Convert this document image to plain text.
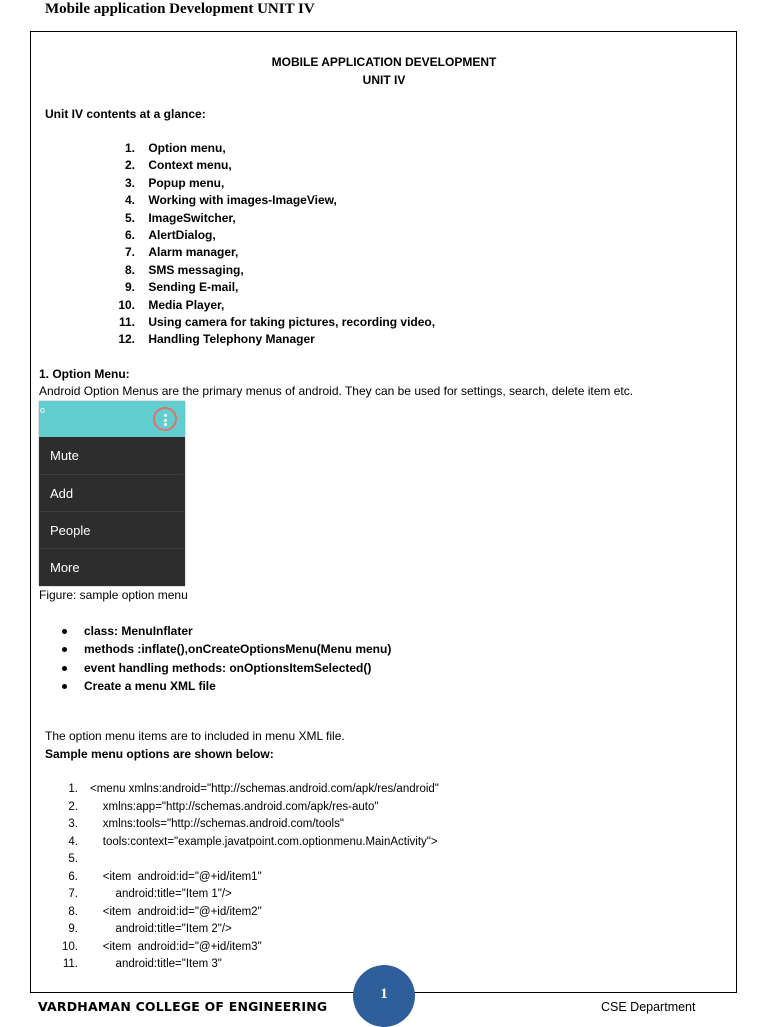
Mobile application Development UNIT IV
MOBILE APPLICATION DEVELOPMENT
UNIT IV
Unit IV contents at a glance:
1.
Option menu,
2.
Context menu,
3.
Popup menu,
4.
Working with images-ImageView,
5.
ImageSwitcher,
6.
AlertDialog,
7.
Alarm manager,
8.
SMS messaging,
9.
Sending E-mail,
10.
Media Player,
11.
Using camera for taking pictures, recording video,
12.
Handling Telephony Manager
1. Option Menu:
Android Option Menus are the primary menus of android. They can be used for settings, search, delete item etc.
o
Mute
Add
People
More
Figure: sample option menu
class: MenuInflater
methods :inflate(),onCreateOptionsMenu(Menu menu)
event handling methods: onOptionsItemSelected()
Create a menu XML file
The option menu items are to included in menu XML file.
Sample menu options are shown below:
1. <menu xmlns:android="http://schemas.android.com/apk/res/android"
2. xmlns:app="http://schemas.android.com/apk/res-auto"
3. xmlns:tools="http://schemas.android.com/tools"
4. tools:context="example.javatpoint.com.optionmenu.MainActivity">
5.
6. <item  android:id="@+id/item1"
7. android:title="Item 1"/>
8. <item  android:id="@+id/item2"
9. android:title="Item 2"/>
10. <item  android:id="@+id/item3"
11. android:title="Item 3"
VARDHAMAN COLLEGE OF ENGINEERING
1
CSE Department
